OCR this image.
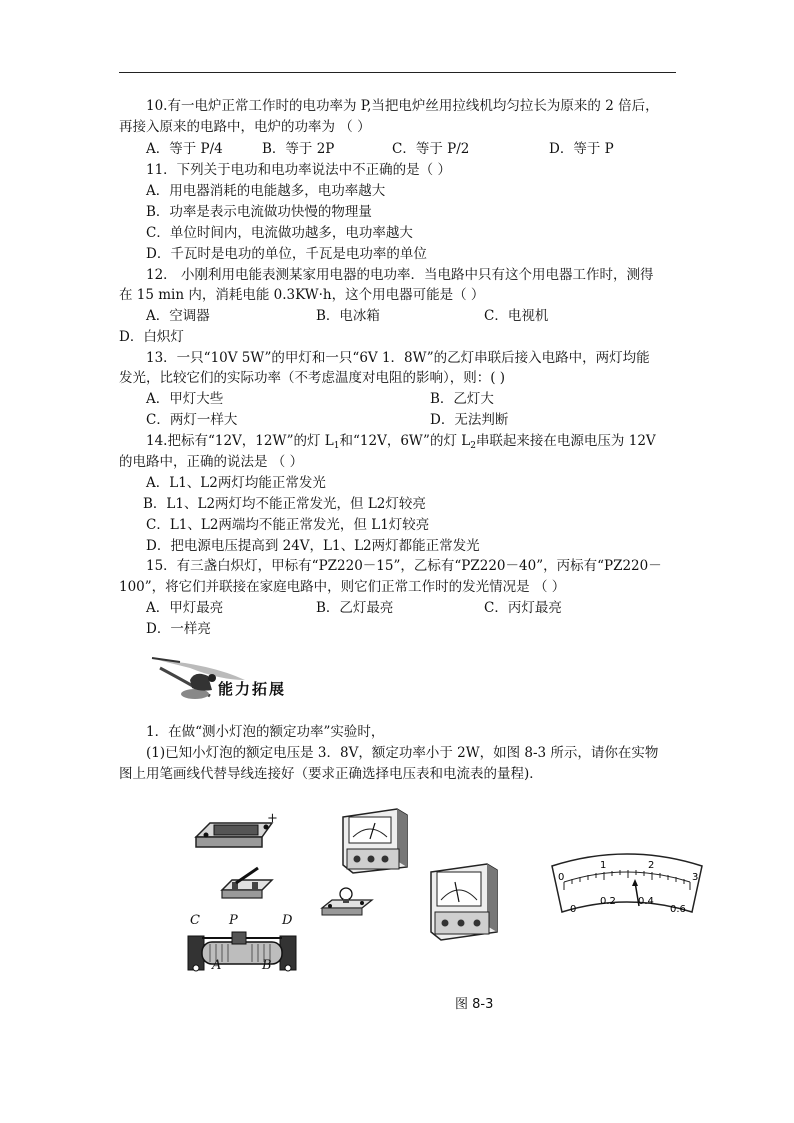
10.有一电炉正常工作时的电功率为 P,当把电炉丝用拉线机均匀拉长为原来的 2 倍后，
再接入原来的电路中，电炉的功率为 （ ）
A．等于 P/4	B．等于 2P	C．等于 P/2	D．等于 P
11．下列关于电功和电功率说法中不正确的是（ ）
A．用电器消耗的电能越多，电功率越大
B．功率是表示电流做功快慢的物理量
C．单位时间内，电流做功越多，电功率越大
D．千瓦时是电功的单位，千瓦是电功率的单位
12． 小刚利用电能表测某家用电器的电功率．当电路中只有这个用电器工作时，测得
在 15 min 内，消耗电能 0.3KW·h，这个用电器可能是（ ）
A．空调器	B．电冰箱	C．电视机
D．白炽灯
13．一只“10V 5W”的甲灯和一只“6V 1．8W”的乙灯串联后接入电路中，两灯均能
发光，比较它们的实际功率（不考虑温度对电阻的影响），则：( )
A．甲灯大些	B．乙灯大
C．两灯一样大	D．无法判断
14.把标有“12V，12W”的灯 $L_1$和“12V，6W”的灯 $L_2$串联起来接在电源电压为 12V
的电路中，正确的说法是 （ ）
A．L1、L2两灯均能正常发光
B．L1、L2两灯均不能正常发光，但 L2灯较亮
C．L1、L2两端均不能正常发光，但 L1灯较亮
D．把电源电压提高到 24V，L1、L2两灯都能正常发光
15．有三盏白炽灯，甲标有“PZ220－15”，乙标有“PZ220－40”，丙标有“PZ220－
100”，将它们并联接在家庭电路中，则它们正常工作时的发光情况是 （ ）
A．甲灯最亮	B．乙灯最亮	C．丙灯最亮
D．一样亮
能力拓展
1．在做“测小灯泡的额定功率”实验时，
(1)已知小灯泡的额定电压是 3．8V，额定功率小于 2W，如图 8-3 所示，请你在实物
图上用笔画线代替导线连接好（要求正确选择电压表和电流表的量程)．
+
C P	D
A	B
0
1	2
3
0
0.2 0.4
0.6
图 8-3
